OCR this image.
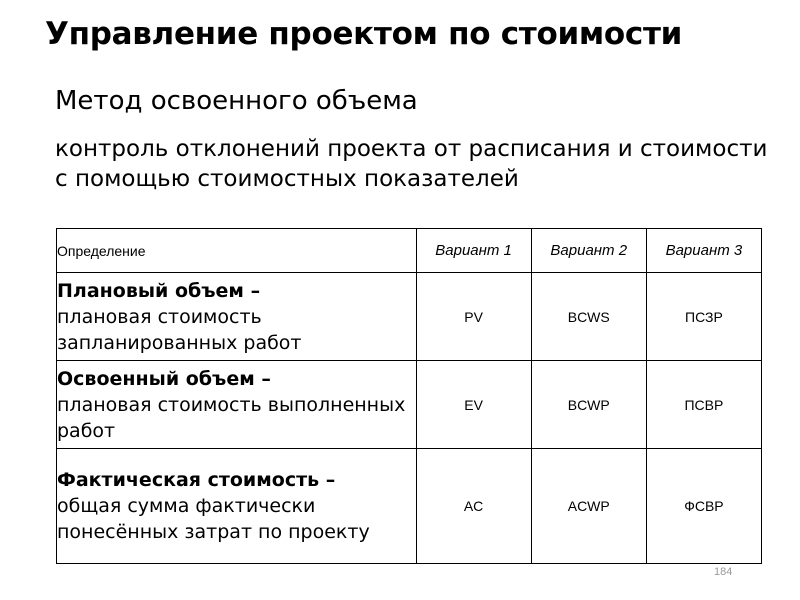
Управление проектом по стоимости
Метод освоенного объема
контроль отклонений проекта от расписания и стоимости с помощью стоимостных показателей
Определение	Вариант 1	Вариант 2	Вариант 3
Плановый объем –
плановая стоимость запланированных работ	PV	BCWS	ПСЗР
Освоенный объем –
плановая стоимость выполненных работ	EV	BCWP	ПСВР
Фактическая стоимость –
общая сумма фактически понесённых затрат по проекту	AC	ACWP	ФСВР
184
